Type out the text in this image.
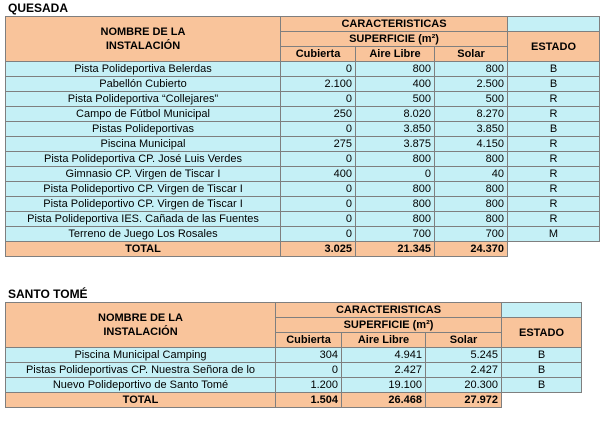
QUESADA
NOMBRE DE LA
INSTALACIÓN	CARACTERISTICAS			
	SUPERFICIE (m²)			ESTADO
	Cubierta	Aire Libre	Solar	
Pista Polideportiva Belerdas	0	800	800	B
Pabellón Cubierto	2.100	400	2.500	B
Pista Polideportiva “Collejares”	0	500	500	R
Campo de Fútbol Municipal	250	8.020	8.270	R
Pistas Polideportivas	0	3.850	3.850	B
Piscina Municipal	275	3.875	4.150	R
Pista Polideportiva CP. José Luis Verdes	0	800	800	R
Gimnasio CP. Virgen de Tiscar I	400	0	40	R
Pista Polideportivo CP. Virgen de Tiscar I	0	800	800	R
Pista Polideportivo CP. Virgen de Tiscar I	0	800	800	R
Pista Polideportiva IES. Cañada de las Fuentes	0	800	800	R
Terreno de Juego Los Rosales	0	700	700	M
TOTAL	3.025	21.345	24.370	
SANTO TOMÉ
NOMBRE DE LA
INSTALACIÓN	CARACTERISTICAS			
	SUPERFICIE (m²)			ESTADO
	Cubierta	Aire Libre	Solar	
Piscina Municipal Camping	304	4.941	5.245	B
Pistas Polideportivas CP. Nuestra Señora de lo	0	2.427	2.427	B
Nuevo Polideportivo de Santo Tomé	1.200	19.100	20.300	B
TOTAL	1.504	26.468	27.972	
